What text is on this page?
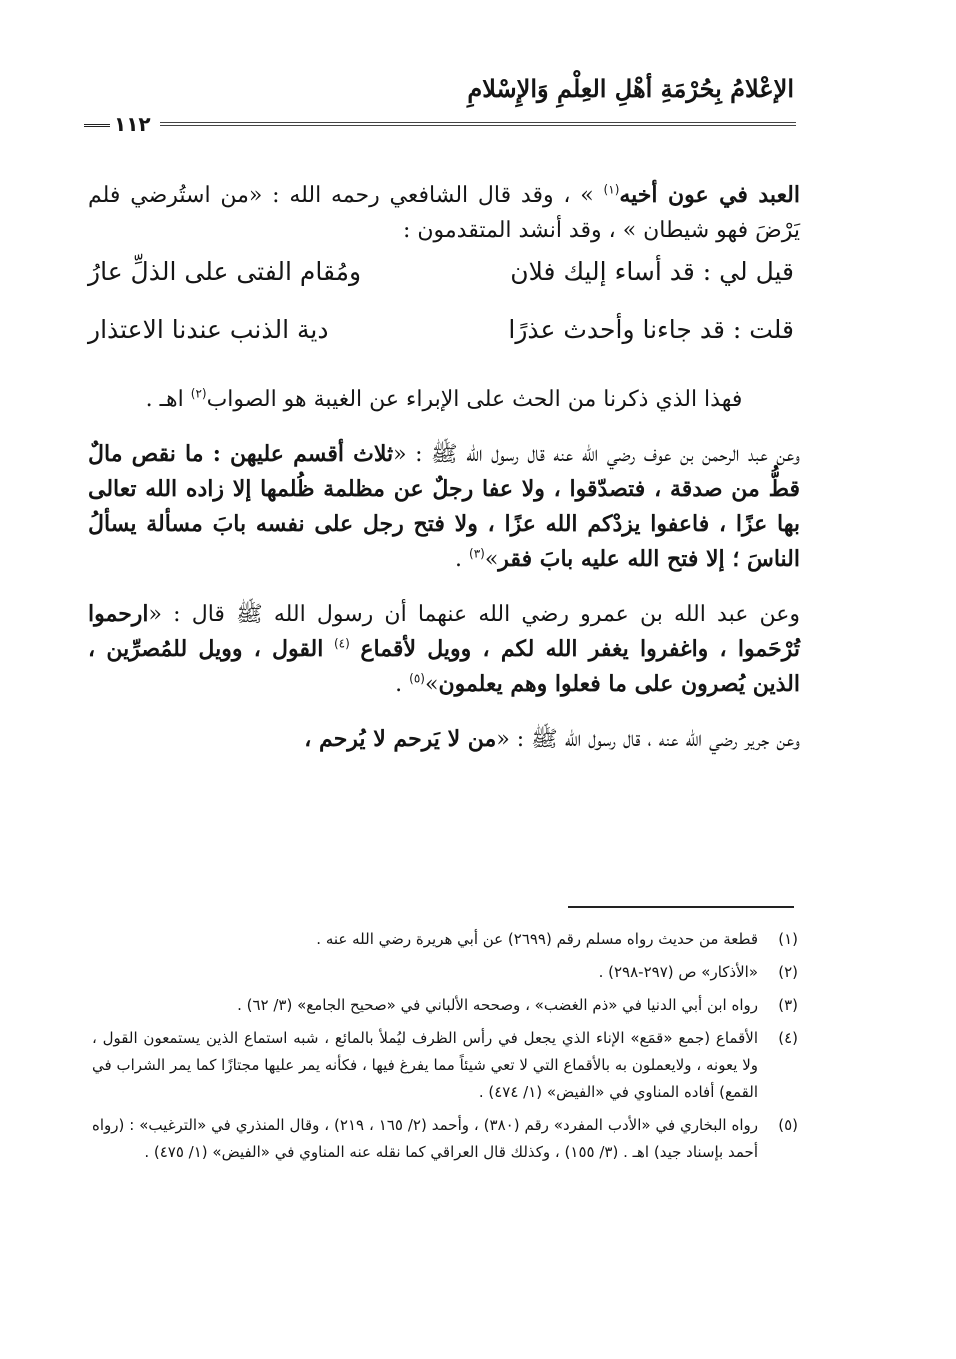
الإعْلامُ بِحُرْمَةِ أهْلِ العِلْمِ وَالإِسْلامِ
١١٢

العبد في عون أخيه$^{(١)}$ » ، وقد قال الشافعي رحمه الله : «من استُرضي فلم يَرْضَ فهو شيطان » ، وقد أنشد المتقدمون :

قيل لي : قد أساء إليك فلان
ومُقام الفتى على الذلِّ عارُ
قلت : قد جاءنا وأحدث عذرًا
دية الذنب عندنا الاعتذار

فهذا الذي ذكرنا من الحث على الإبراء عن الغيبة هو الصواب$^{(٢)}$ اهـ .

وعن عبد الرحمن بن عوف رضي الله عنه قال رسول الله ﷺ : «ثلاث أقسم عليهن : ما نقص مالٌ قطُّ من صدقة ، فتصدّقوا ، ولا عفا رجلٌ عن مظلمة ظُلمها إلا زاده الله تعالى بها عزًا ، فاعفوا يزدْكم الله عزًا ، ولا فتح رجل على نفسه بابَ مسألة يسألُ الناسَ ؛ إلا فتح الله عليه بابَ فقر»$^{(٣)}$ .

وعن عبد الله بن عمرو رضي الله عنهما أن رسول الله ﷺ قال : «ارحموا تُرْحَموا ، واغفروا يغفر الله لكم ، وويل لأقماع $^{(٤)}$ القول ، وويل للمُصرِّين ، الذين يُصرون على ما فعلوا وهم يعلمون»$^{(٥)}$ .

وعن جرير رضي الله عنه ، قال رسول الله ﷺ : «من لا يَرحم لا يُرحم ،

(١)
قطعة من حديث رواه مسلم رقم (٢٦٩٩) عن أبي هريرة رضي الله عنه .

(٢)
«الأذكار» ص (٢٩٧-٢٩٨) .

(٣)
رواه ابن أبي الدنيا في «ذم الغضب» ، وصححه الألباني في «صحيح الجامع» (٣/ ٦٢) .

(٤)
الأقماع (جمع «قمَع» الإناء الذي يجعل في رأس الظرف ليُملأ بالمائع ، شبه استماع الذين يستمعون القول ، ولا يعونه ، ولايعملون به بالأقماع التي لا تعي شيئاً مما يفرغ فيها ، فكأنه يمر عليها مجتازًا كما يمر الشراب في القمع) أفاده المناوي في «الفيض» (١/ ٤٧٤) .

(٥)
رواه البخاري في «الأدب المفرد» رقم (٣٨٠) ، وأحمد (٢/ ١٦٥ ، ٢١٩) ، وقال المنذري في «الترغيب» : (رواه أحمد بإسناد جيد) اهـ . (٣/ ١٥٥) ، وكذلك قال العراقي كما نقله عنه المناوي في «الفيض» (١/ ٤٧٥) .
